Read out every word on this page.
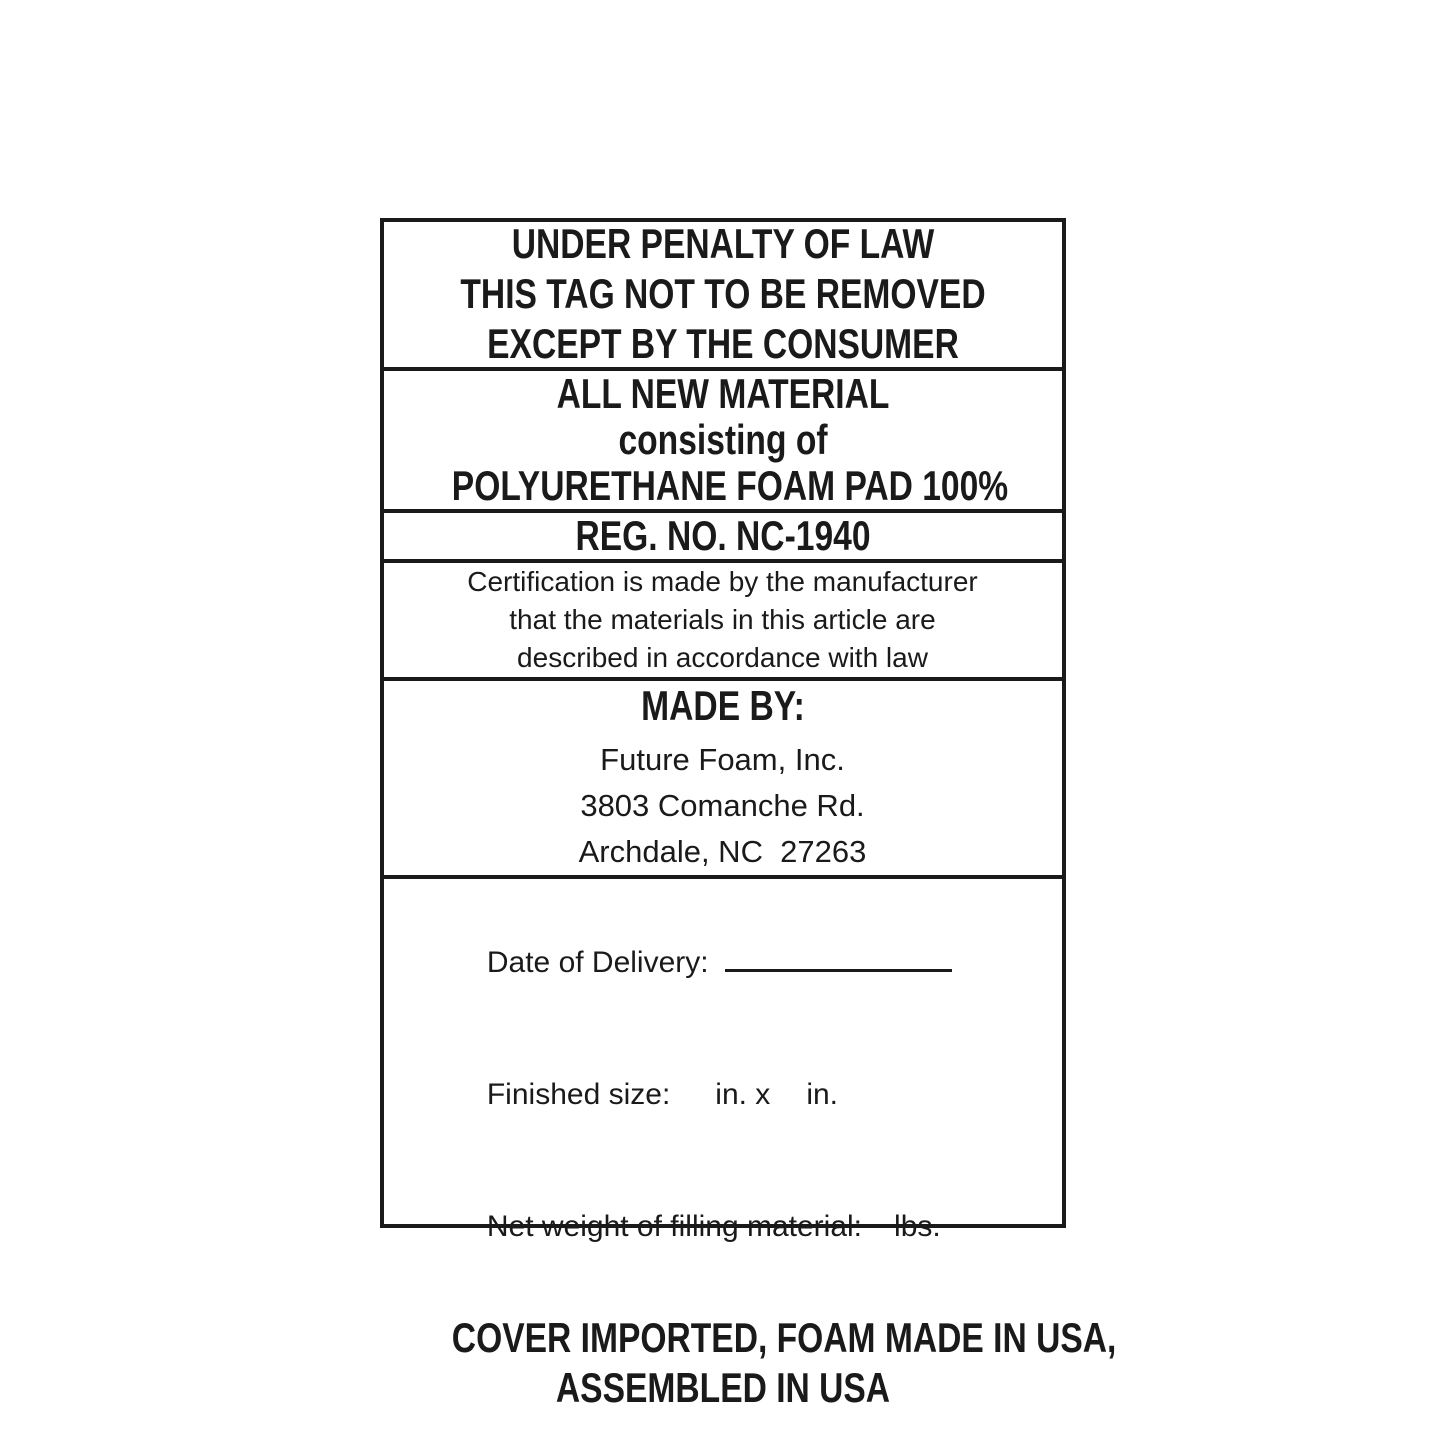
UNDER PENALTY OF LAW
THIS TAG NOT TO BE REMOVED
EXCEPT BY THE CONSUMER
ALL NEW MATERIAL
consisting of
POLYURETHANE FOAM PAD 100%
REG. NO. NC-1940
Certification is made by the manufacturer
that the materials in this article are
described in accordance with law
MADE BY:
Future Foam, Inc.
3803 Comanche Rd.
Archdale, NC  27263

Date of Delivery:

Finished size: in. x in.

Net weight of filling material: lbs.

COVER IMPORTED, FOAM MADE IN USA,
ASSEMBLED IN USA
